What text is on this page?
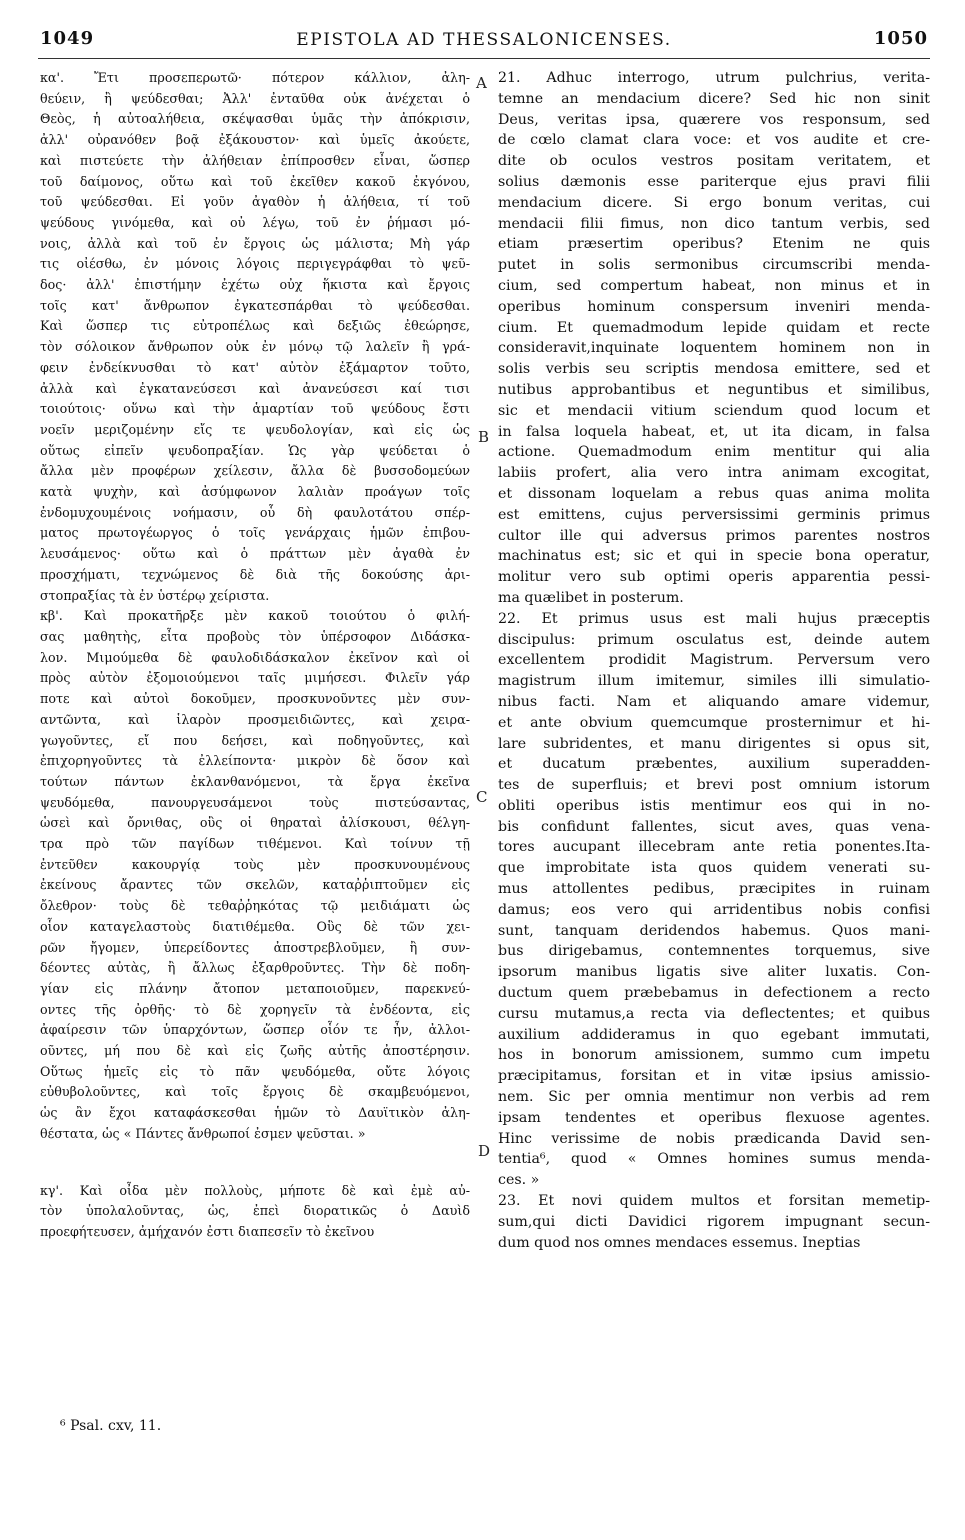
1049	EPISTOLA AD THESSALONICENSES.	1050

κα'. Ἔτι προσεπερωτῶ· πότερον κάλλιον, ἀλη-

θεύειν, ἢ ψεύδεσθαι; Ἀλλ' ἐνταῦθα οὐκ ἀνέχεται ὁ

Θεὸς, ἡ αὐτοαλήθεια, σκέψασθαι ὑμᾶς τὴν ἀπόκρισιν,

ἀλλ' οὐρανόθεν βοᾷ ἐξάκουστον· καὶ ὑμεῖς ἀκούετε,

καὶ πιστεύετε τὴν ἀλήθειαν ἐπίπροσθεν εἶναι, ὥσπερ

τοῦ δαίμονος, οὕτω καὶ τοῦ ἐκεῖθεν κακοῦ ἐκγόνου,

τοῦ ψεύδεσθαι. Εἰ γοῦν ἀγαθὸν ἡ ἀλήθεια, τί τοῦ

ψεύδους γινόμεθα, καὶ οὐ λέγω, τοῦ ἐν ῥήμασι μό-

νοις, ἀλλὰ καὶ τοῦ ἐν ἔργοις ὡς μάλιστα; Μὴ γάρ

τις οἰέσθω, ἐν μόνοις λόγοις περιγεγράφθαι τὸ ψεῦ-

δος· ἀλλ' ἐπιστήμην ἐχέτω οὐχ ἥκιστα καὶ ἔργοις

τοῖς κατ' ἄνθρωπον ἐγκατεσπάρθαι τὸ ψεύδεσθαι.

Καὶ ὥσπερ τις εὐτροπέλως καὶ δεξιῶς ἐθεώρησε,

τὸν σόλοικον ἄνθρωπον οὐκ ἐν μόνῳ τῷ λαλεῖν ἢ γρά-

φειν ἐνδείκνυσθαι τὸ κατ' αὐτὸν ἐξάμαρτον τοῦτο,

ἀλλὰ καὶ ἐγκατανεύσεσι καὶ ἀνανεύσεσι καί τισι

τοιούτοις· οὕνω καὶ τὴν ἁμαρτίαν τοῦ ψεύδους ἔστι

νοεῖν μεριζομένην εἴς τε ψευδολογίαν, καὶ εἰς ὡς

οὕτως εἰπεῖν ψευδοπραξίαν. Ὡς γὰρ ψεύδεται ὁ

ἄλλα μὲν προφέρων χείλεσιν, ἄλλα δὲ βυσσοδομεύων

κατὰ ψυχὴν, καὶ ἀσύμφωνον λαλιὰν προάγων τοῖς

ἐνδομυχουμένοις νοήμασιν, οὗ δὴ φαυλοτάτου σπέρ-

ματος πρωτογέωργος ὁ τοῖς γενάρχαις ἡμῶν ἐπιβου-

λευσάμενος· οὕτω καὶ ὁ πράττων μὲν ἀγαθὰ ἐν

προσχήματι, τεχνώμενος δὲ διὰ τῆς δοκούσης ἀρι-

στοπραξίας τὰ ἐν ὑστέρῳ χείριστα.

κβ'. Καὶ προκατῆρξε μὲν κακοῦ τοιούτου ὁ φιλή-

σας μαθητὴς, εἶτα προβοὺς τὸν ὑπέρσοφον Διδάσκα-

λον. Μιμούμεθα δὲ φαυλοδιδάσκαλον ἐκεῖνον καὶ οἱ

πρὸς αὐτὸν ἐξομοιούμενοι ταῖς μιμήσεσι. Φιλεῖν γάρ

ποτε καὶ αὐτοὶ δοκοῦμεν, προσκυνοῦντες μὲν συν-

αντῶντα, καὶ ἱλαρὸν προσμειδιῶντες, καὶ χειρα-

γωγοῦντες, εἴ που δεήσει, καὶ ποδηγοῦντες, καὶ

ἐπιχορηγοῦντες τὰ ἐλλείποντα· μικρὸν δὲ ὅσον καὶ

τούτων πάντων ἐκλανθανόμενοι, τὰ ἔργα ἐκεῖνα

ψευδόμεθα, πανουργευσάμενοι τοὺς πιστεύσαντας,

ὡσεὶ καὶ ὄρνιθας, οὓς οἱ θηραταὶ ἀλίσκουσι, θέλγη-

τρα πρὸ τῶν παγίδων τιθέμενοι. Καὶ τοίνυν τῇ

ἐντεῦθεν κακουργίᾳ τοὺς μὲν προσκυνουμένους

ἐκείνους ἄραντες τῶν σκελῶν, καταῤῥιπτοῦμεν εἰς

ὄλεθρον· τοὺς δὲ τεθαῤῥηκότας τῷ μειδιάματι ὡς

οἷον καταγελαστοὺς διατιθέμεθα. Οὓς δὲ τῶν χει-

ρῶν ἤγομεν, ὑπερείδοντες ἀποστρεβλοῦμεν, ἢ συν-

δέοντες αὐτὰς, ἢ ἄλλως ἐξαρθροῦντες. Τὴν δὲ ποδη-

γίαν εἰς πλάνην ἄτοπον μεταποιοῦμεν, παρεκνεύ-

οντες τῆς ὀρθῆς· τὸ δὲ χορηγεῖν τὰ ἐνδέοντα, εἰς

ἀφαίρεσιν τῶν ὑπαρχόντων, ὥσπερ οἷόν τε ἦν, ἀλλοι-

οῦντες, μή που δὲ καὶ εἰς ζωῆς αὐτῆς ἀποστέρησιν.

Οὕτως ἡμεῖς εἰς τὸ πᾶν ψευδόμεθα, οὔτε λόγοις

εὐθυβολοῦντες, καὶ τοῖς ἔργοις δὲ σκαμβευόμενοι,

ὡς ἂν ἔχοι καταφάσκεσθαι ἡμῶν τὸ Δαυϊτικὸν ἀλη-

θέστατα, ὡς « Πάντες ἄνθρωποί ἐσμεν ψεῦσται. »

κγ'. Καὶ οἶδα μὲν πολλοὺς, μήποτε δὲ καὶ ἐμὲ αὐ-

τὸν ὑπολαλοῦντας, ὡς, ἐπεὶ διορατικῶς ὁ Δαυὶδ

προεφήτευσεν, ἀμήχανόν ἐστι διαπεσεῖν τὸ ἐκεῖνου

21. Adhuc interrogo, utrum pulchrius, verita-

temne an mendacium dicere? Sed hic non sinit

Deus, veritas ipsa, quærere vos responsum, sed

de cœlo clamat clara voce: et vos audite et cre-

dite ob oculos vestros positam veritatem, et

solius dæmonis esse pariterque ejus pravi filii

mendacium dicere. Si ergo bonum veritas, cui

mendacii filii fimus, non dico tantum verbis, sed

etiam præsertim operibus? Etenim ne quis

putet in solis sermonibus circumscribi menda-

cium, sed compertum habeat, non minus et in

operibus hominum conspersum inveniri menda-

cium. Et quemadmodum lepide quidam et recte

consideravit,inquinate loquentem hominem non in

solis verbis seu scriptis mendosa emittere, sed et

nutibus approbantibus et neguntibus et similibus,

sic et mendacii vitium sciendum quod locum et

in falsa loquela habeat, et, ut ita dicam, in falsa

actione. Quemadmodum enim mentitur qui alia

labiis profert, alia vero intra animam excogitat,

et dissonam loquelam a rebus quas anima molita

est emittens, cujus perversissimi germinis primus

cultor ille qui adversus primos parentes nostros

machinatus est; sic et qui in specie bona operatur,

molitur vero sub optimi operis apparentia pessi-

ma quælibet in posterum.

22. Et primus usus est mali hujus præceptis

discipulus: primum osculatus est, deinde autem

excellentem prodidit Magistrum. Perversum vero

magistrum illum imitemur, similes illi simulatio-

nibus facti. Nam et aliquando amare videmur,

et ante obvium quemcumque prosternimur et hi-

lare subridentes, et manu dirigentes si opus sit,

et ducatum præbentes, auxilium superadden-

tes de superfluis; et brevi post omnium istorum

obliti operibus istis mentimur eos qui in no-

bis confidunt fallentes, sicut aves, quas vena-

tores aucupant illecebram ante retia ponentes.Ita-

que improbitate ista quos quidem venerati su-

mus attollentes pedibus, præcipites in ruinam

damus; eos vero qui arridentibus nobis confisi

sunt, tanquam deridendos habemus. Quos mani-

bus dirigebamus, contemnentes torquemus, sive

ipsorum manibus ligatis sive aliter luxatis. Con-

ductum quem præbebamus in defectionem a recto

cursu mutamus,a recta via deflectentes; et quibus

auxilium addideramus in quo egebant immutati,

hos in bonorum amissionem, summo cum impetu

præcipitamus, forsitan et in vitæ ipsius amissio-

nem. Sic per omnia mentimur non verbis ad rem

ipsam tendentes et operibus flexuose agentes.

Hinc verissime de nobis prædicanda David sen-

tentia⁶, quod « Omnes homines sumus menda-

ces. »

23. Et novi quidem multos et forsitan memetip-

sum,qui dicti Davidici rigorem impugnant secun-

dum quod nos omnes mendaces essemus. Ineptias

A
B
C
D
⁶ Psal. cxv, 11.
